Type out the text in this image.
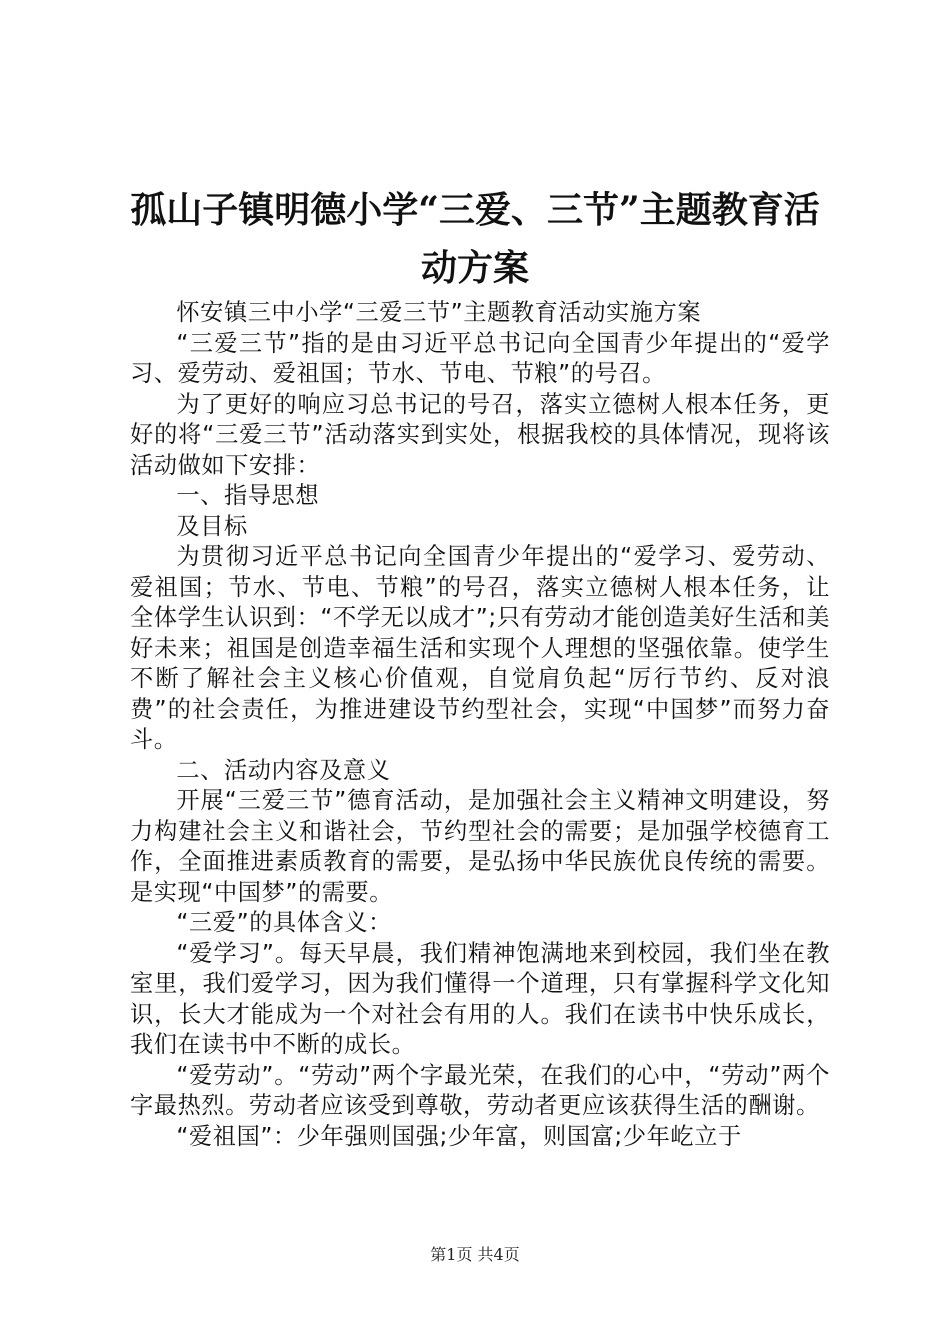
孤山子镇明德小学“三爱、三节”主题教育活
动方案

怀安镇三中小学“三爱三节”主题教育活动实施方案

“三爱三节”指的是由习近平总书记向全国青少年提出的“爱学习、爱劳动、爱祖国；节水、节电、节粮”的号召。

为了更好的响应习总书记的号召，落实立德树人根本任务，更好的将“三爱三节”活动落实到实处，根据我校的具体情况，现将该活动做如下安排：

一、指导思想

及目标

为贯彻习近平总书记向全国青少年提出的“爱学习、爱劳动、爱祖国；节水、节电、节粮”的号召，落实立德树人根本任务，让全体学生认识到：“不学无以成才”;只有劳动才能创造美好生活和美好未来；祖国是创造幸福生活和实现个人理想的坚强依靠。使学生不断了解社会主义核心价值观，自觉肩负起“厉行节约、反对浪费”的社会责任，为推进建设节约型社会，实现“中国梦”而努力奋斗。

二、活动内容及意义

开展“三爱三节”德育活动，是加强社会主义精神文明建设，努力构建社会主义和谐社会，节约型社会的需要；是加强学校德育工作，全面推进素质教育的需要，是弘扬中华民族优良传统的需要。是实现“中国梦”的需要。

“三爱”的具体含义：

“爱学习”。每天早晨，我们精神饱满地来到校园，我们坐在教室里，我们爱学习，因为我们懂得一个道理，只有掌握科学文化知识，长大才能成为一个对社会有用的人。我们在读书中快乐成长，我们在读书中不断的成长。

“爱劳动”。“劳动”两个字最光荣，在我们的心中，“劳动”两个字最热烈。劳动者应该受到尊敬，劳动者更应该获得生活的酬谢。

“爱祖国”：少年强则国强;少年富，则国富;少年屹立于

第1页 共4页
